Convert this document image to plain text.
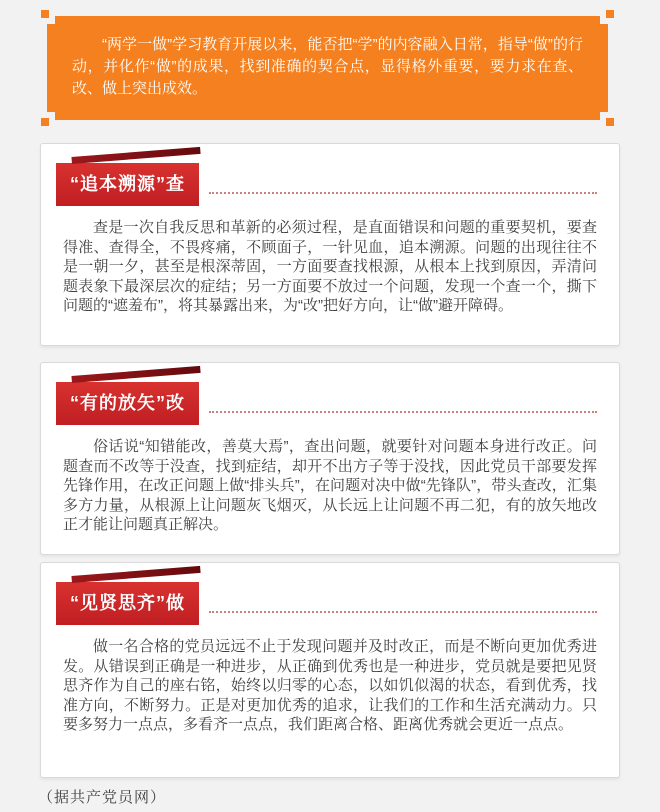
“两学一做”学习教育开展以来，能否把“学”的内容融入日常，指导“做”的行动，并化作“做”的成果，找到准确的契合点，显得格外重要，要力求在查、改、做上突出成效。

“追本溯源”查

查是一次自我反思和革新的必须过程，是直面错误和问题的重要契机，要查得准、查得全，不畏疼痛，不顾面子，一针见血，追本溯源。问题的出现往往不是一朝一夕，甚至是根深蒂固，一方面要查找根源，从根本上找到原因，弄清问题表象下最深层次的症结；另一方面要不放过一个问题，发现一个查一个，撕下问题的“遮羞布”，将其暴露出来，为“改”把好方向，让“做”避开障碍。

“有的放矢”改

俗话说“知错能改，善莫大焉”，查出问题，就要针对问题本身进行改正。问题查而不改等于没查，找到症结，却开不出方子等于没找，因此党员干部要发挥先锋作用，在改正问题上做“排头兵”，在问题对决中做“先锋队”，带头查改，汇集多方力量，从根源上让问题灰飞烟灭，从长远上让问题不再二犯，有的放矢地改正才能让问题真正解决。

“见贤思齐”做

做一名合格的党员远远不止于发现问题并及时改正，而是不断向更加优秀进发。从错误到正确是一种进步，从正确到优秀也是一种进步，党员就是要把见贤思齐作为自己的座右铭，始终以归零的心态，以如饥似渴的状态，看到优秀，找准方向，不断努力。正是对更加优秀的追求，让我们的工作和生活充满动力。只要多努力一点点，多看齐一点点，我们距离合格、距离优秀就会更近一点点。

（据共产党员网）
